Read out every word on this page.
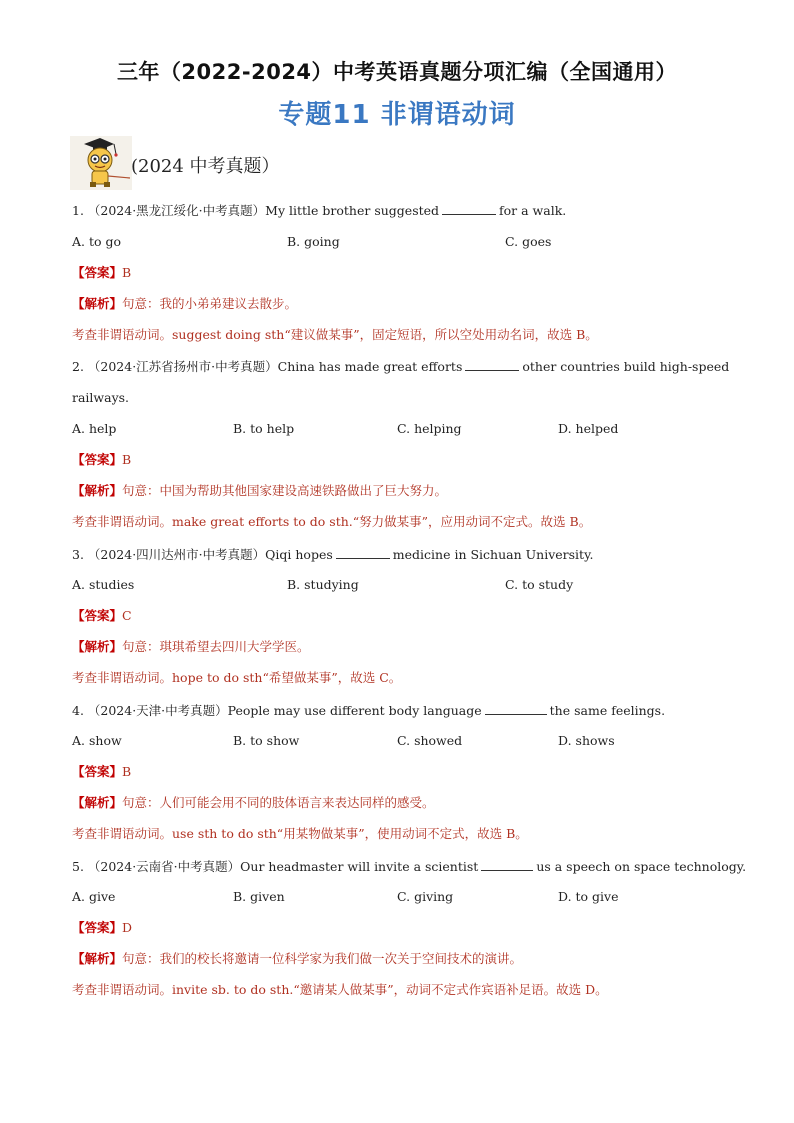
三年（2022-2024）中考英语真题分项汇编（全国通用）
专题11 非谓语动词
(2024 中考真题）
1. （2024·黑龙江绥化·中考真题）My little brother suggested	for a walk.
A. to go	B. going	C. goes
【答案】B
【解析】句意：我的小弟弟建议去散步。
考查非谓语动词。suggest doing sth“建议做某事”，固定短语，所以空处用动名词，故选 B。
2. （2024·江苏省扬州市·中考真题）China has made great efforts	other countries build high-speed
railways.
A. help	B. to help	C. helping	D. helped
【答案】B
【解析】句意：中国为帮助其他国家建设高速铁路做出了巨大努力。
考查非谓语动词。make great efforts to do sth.“努力做某事”，应用动词不定式。故选 B。
3. （2024·四川达州市·中考真题）Qiqi hopes	medicine in Sichuan University.
A. studies	B. studying	C. to study
【答案】C
【解析】句意：琪琪希望去四川大学学医。
考查非谓语动词。hope to do sth“希望做某事”，故选 C。
4. （2024·天津·中考真题）People may use different body language	the same feelings.
A. show	B. to show	C. showed	D. shows
【答案】B
【解析】句意：人们可能会用不同的肢体语言来表达同样的感受。
考查非谓语动词。use sth to do sth“用某物做某事”，使用动词不定式，故选 B。
5. （2024·云南省·中考真题）Our headmaster will invite a scientist	us a speech on space technology.
A. give	B. given	C. giving	D. to give
【答案】D
【解析】句意：我们的校长将邀请一位科学家为我们做一次关于空间技术的演讲。
考查非谓语动词。invite sb. to do sth.“邀请某人做某事”，动词不定式作宾语补足语。故选 D。
